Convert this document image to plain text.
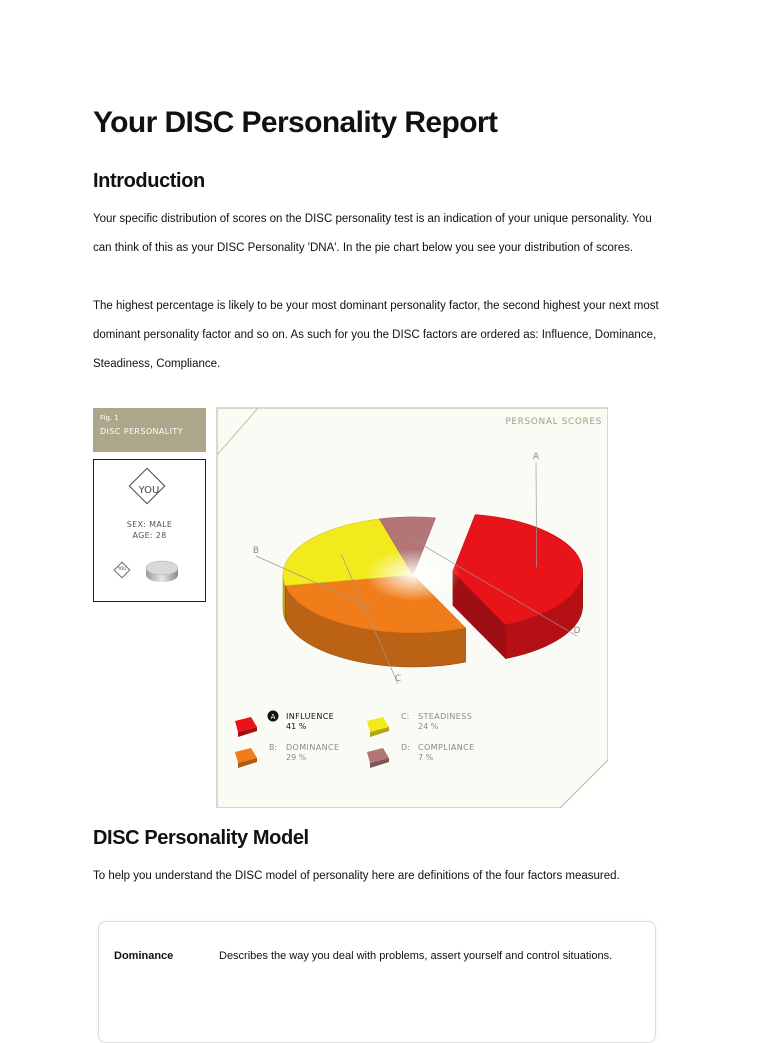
Your DISC Personality Report
Introduction

Your specific distribution of scores on the DISC personality test is an indication of your unique personality. You can think of this as your DISC Personality 'DNA'. In the pie chart below you see your distribution of scores.

The highest percentage is likely to be your most dominant personality factor, the second highest your next most dominant personality factor and so on. As such for you the DISC factors are ordered as: Influence, Dominance, Steadiness, Compliance.

Fig. 1
DISC PERSONALITY
YOU
SEX: MALE
AGE: 28
YOU
PERSONAL SCORES
A
B
C
D
A INFLUENCE
41 %
B: DOMINANCE
29 %
C: STEADINESS
24 %
D: COMPLIANCE
7 %
DISC Personality Model

To help you understand the DISC model of personality here are definitions of the four factors measured.

Dominance	Describes the way you deal with problems, assert yourself and control situations.
